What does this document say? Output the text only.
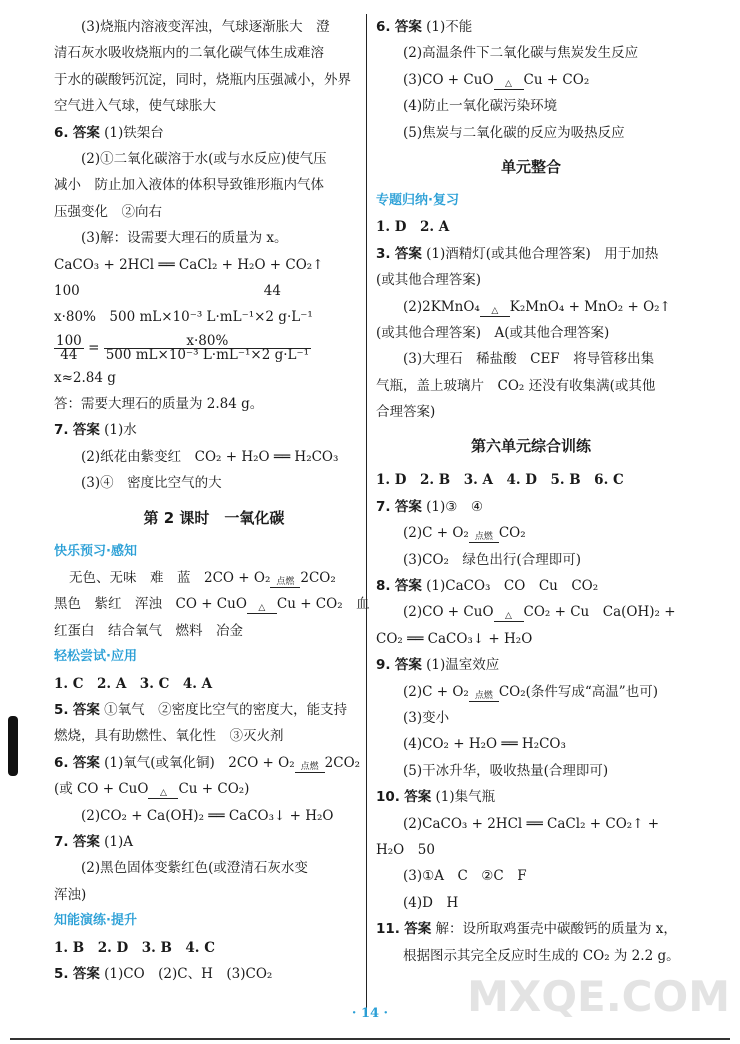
(3)烧瓶内溶液变浑浊，气球逐渐胀大　澄
清石灰水吸收烧瓶内的二氧化碳气体生成难溶
于水的碳酸钙沉淀，同时，烧瓶内压强减小，外界
空气进入气球，使气球胀大
6. 答案 (1)铁架台
(2)①二氧化碳溶于水(或与水反应)使气压
减小　防止加入液体的体积导致锥形瓶内气体
压强变化　②向右
(3)解：设需要大理石的质量为 x。
CaCO₃ + 2HCl ══ CaCl₂ + H₂O + CO₂↑
100	44
x·80%　500 mL×10⁻³ L·mL⁻¹×2 g·L⁻¹
$\frac{100}{44} = \frac{x\cdot 80\%}{\text{500 mL×10⁻³ L·mL⁻¹×2 g·L⁻¹}}$
x≈2.84 g
答：需要大理石的质量为 2.84 g。
7. 答案 (1)水
(2)纸花由紫变红　CO₂ + H₂O ══ H₂CO₃
(3)④　密度比空气的大
第 2 课时　一氧化碳
快乐预习·感知
无色、无味　难　蓝　2CO + O₂ 点燃 2CO₂
黑色　紫红　浑浊　CO + CuO	△ Cu + CO₂　血
红蛋白　结合氧气　燃料　冶金
轻松尝试·应用
1. C　2. A　3. C　4. A
5. 答案 ①氧气　②密度比空气的密度大，能支持
燃烧，具有助燃性、氧化性　③灭火剂
6. 答案 (1)氧气(或氧化铜)　2CO + O₂ 点燃 2CO₂
(或 CO + CuO	△ Cu + CO₂)
(2)CO₂ + Ca(OH)₂ ══ CaCO₃↓ + H₂O
7. 答案 (1)A
(2)黑色固体变紫红色(或澄清石灰水变
浑浊)
知能演练·提升
1. B　2. D　3. B　4. C
5. 答案 (1)CO　(2)C、H　(3)CO₂
6. 答案 (1)不能
(2)高温条件下二氧化碳与焦炭发生反应
(3)CO + CuO	△ Cu + CO₂
(4)防止一氧化碳污染环境
(5)焦炭与二氧化碳的反应为吸热反应
单元整合
专题归纳·复习
1. D　2. A
3. 答案 (1)酒精灯(或其他合理答案)　用于加热
(或其他合理答案)
(2)2KMnO₄	△ K₂MnO₄ + MnO₂ + O₂↑
(或其他合理答案)　A(或其他合理答案)
(3)大理石　稀盐酸　CEF　将导管移出集
气瓶，盖上玻璃片　CO₂ 还没有收集满(或其他
合理答案)
第六单元综合训练
1. D　2. B　3. A　4. D　5. B　6. C
7. 答案 (1)③　④
(2)C + O₂ 点燃 CO₂
(3)CO₂　绿色出行(合理即可)
8. 答案 (1)CaCO₃　CO　Cu　CO₂
(2)CO + CuO	△ CO₂ + Cu　Ca(OH)₂ +
CO₂ ══ CaCO₃↓ + H₂O
9. 答案 (1)温室效应
(2)C + O₂ 点燃 CO₂(条件写成“高温”也可)
(3)变小
(4)CO₂ + H₂O ══ H₂CO₃
(5)干冰升华，吸收热量(合理即可)
10. 答案 (1)集气瓶
(2)CaCO₃ + 2HCl ══ CaCl₂ + CO₂↑ +
H₂O　50
(3)①A　C　②C　F
(4)D　H
11. 答案 解：设所取鸡蛋壳中碳酸钙的质量为 x，
根据图示其完全反应时生成的 CO₂ 为 2.2 g。
MXQE.COM
· 14 ·
